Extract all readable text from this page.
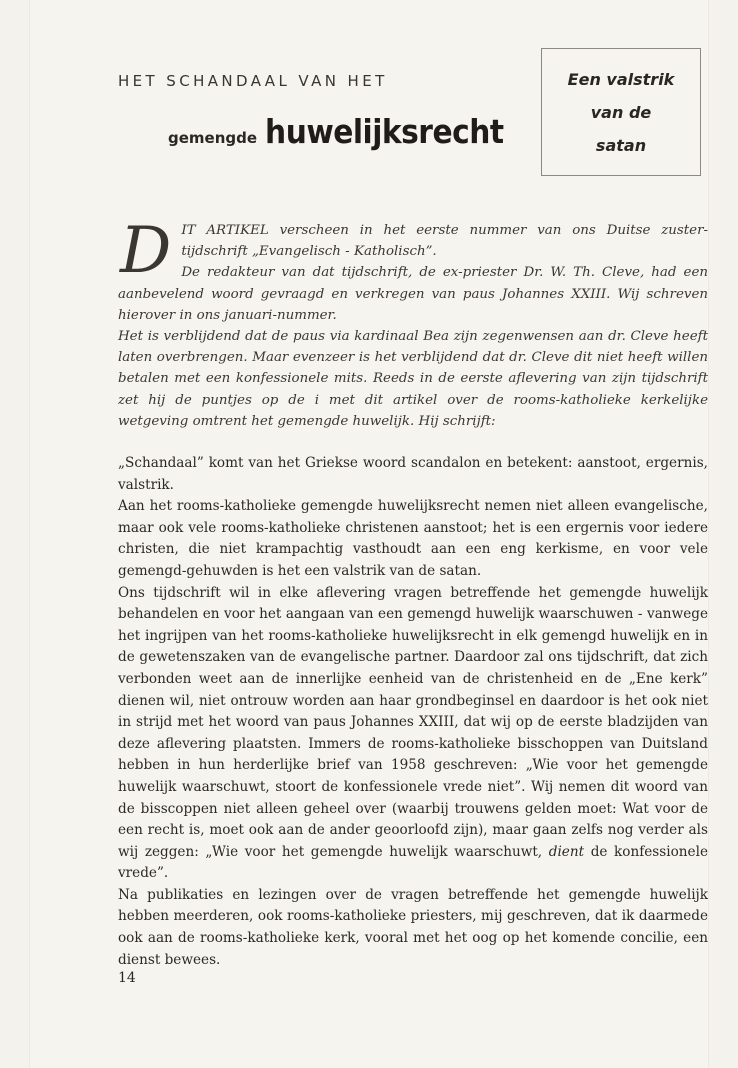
HET SCHANDAAL VAN HET
gemengde huwelijksrecht
Een valstrik
van de
satan
D IT ARTIKEL verscheen in het eerste nummer van ons Duitse zuster-tijdschrift „Evangelisch - Katholisch”.
De redakteur van dat tijdschrift, de ex-priester Dr. W. Th. Cleve, had een aanbevelend woord gevraagd en verkregen van paus Johannes XXIII. Wij schreven hierover in ons januari-nummer.

Het is verblijdend dat de paus via kardinaal Bea zijn zegenwensen aan dr. Cleve heeft laten overbrengen. Maar evenzeer is het verblijdend dat dr. Cleve dit niet heeft willen betalen met een konfessionele mits. Reeds in de eerste aflevering van zijn tijdschrift zet hij de puntjes op de i met dit artikel over de rooms-katholieke kerkelijke wetgeving omtrent het gemengde huwelijk. Hij schrijft:

„Schandaal” komt van het Griekse woord scandalon en betekent: aanstoot, ergernis, valstrik.

Aan het rooms-katholieke gemengde huwelijksrecht nemen niet alleen evangelische, maar ook vele rooms-katholieke christenen aanstoot; het is een ergernis voor iedere christen, die niet krampachtig vasthoudt aan een eng kerkisme, en voor vele gemengd-gehuwden is het een valstrik van de satan.

Ons tijdschrift wil in elke aflevering vragen betreffende het gemengde huwelijk behandelen en voor het aangaan van een gemengd huwelijk waarschuwen - vanwege het ingrijpen van het rooms-katholieke huwelijksrecht in elk gemengd huwelijk en in de gewetenszaken van de evangelische partner. Daardoor zal ons tijdschrift, dat zich verbonden weet aan de innerlijke eenheid van de christenheid en de „Ene kerk” dienen wil, niet ontrouw worden aan haar grondbeginsel en daardoor is het ook niet in strijd met het woord van paus Johannes XXIII, dat wij op de eerste bladzijden van deze aflevering plaatsten. Immers de rooms-katholieke bisschoppen van Duitsland hebben in hun herderlijke brief van 1958 geschreven: „Wie voor het gemengde huwelijk waarschuwt, stoort de konfessionele vrede niet”. Wij nemen dit woord van de bisscoppen niet alleen geheel over (waarbij trouwens gelden moet: Wat voor de een recht is, moet ook aan de ander geoorloofd zijn), maar gaan zelfs nog verder als wij zeggen: „Wie voor het gemengde huwelijk waarschuwt, dient de konfessionele vrede”.

Na publikaties en lezingen over de vragen betreffende het gemengde huwelijk hebben meerderen, ook rooms-katholieke priesters, mij geschreven, dat ik daarmede ook aan de rooms-katholieke kerk, vooral met het oog op het komende concilie, een dienst bewees.

14
